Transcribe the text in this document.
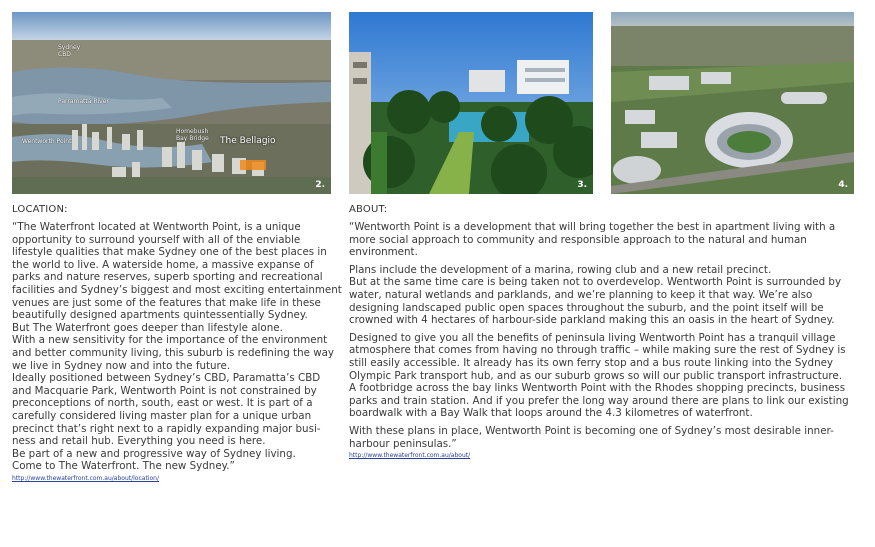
Sydney
CBD
Parramatta River
Wentworth Point
Homebush
Bay Bridge The Bellagio
2.	3.	4.
LOCATION:

“The Waterfront located at Wentworth Point, is a unique opportunity to surround yourself with all of the enviable lifestyle qualities that make Sydney one of the best places in the world to live. A waterside home, a massive expanse of parks and nature reserves, superb sporting and recreational facilities and Sydney’s biggest and most exciting entertainment venues are just some of the features that make life in these beautifully designed apartments quintessentially Sydney.

But The Waterfront goes deeper than lifestyle alone.

With a new sensitivity for the importance of the environment and better community living, this suburb is redefining the way we live in Sydney now and into the future.

Ideally positioned between Sydney’s CBD, Paramatta’s CBD and Macquarie Park, Wentworth Point is not constrained by preconceptions of north, south, east or west. It is part of a carefully considered living master plan for a unique urban precinct that’s right next to a rapidly expanding major busi-ness and retail hub. Everything you need is here.

Be part of a new and progressive way of Sydney living.

Come to The Waterfront. The new Sydney.”

http://www.thewaterfront.com.au/about/location/
ABOUT:

“Wentworth Point is a development that will bring together the best in apartment living with a more social approach to community and responsible approach to the natural and human environment.

Plans include the development of a marina, rowing club and a new retail precinct.

But at the same time care is being taken not to overdevelop. Wentworth Point is surrounded by water, natural wetlands and parklands, and we’re planning to keep it that way. We’re also designing landscaped public open spaces throughout the suburb, and the point itself will be crowned with 4 hectares of harbour-side parkland making this an oasis in the heart of Sydney.

Designed to give you all the benefits of peninsula living Wentworth Point has a tranquil village atmosphere that comes from having no through traffic – while making sure the rest of Sydney is still easily accessible. It already has its own ferry stop and a bus route linking into the Sydney Olympic Park transport hub, and as our suburb grows so will our public transport infrastructure.

A footbridge across the bay links Wentworth Point with the Rhodes shopping precincts, business parks and train station. And if you prefer the long way around there are plans to link our existing boardwalk with a Bay Walk that loops around the 4.3 kilometres of waterfront.

With these plans in place, Wentworth Point is becoming one of Sydney’s most desirable inner-harbour peninsulas.”

http://www.thewaterfront.com.au/about/
